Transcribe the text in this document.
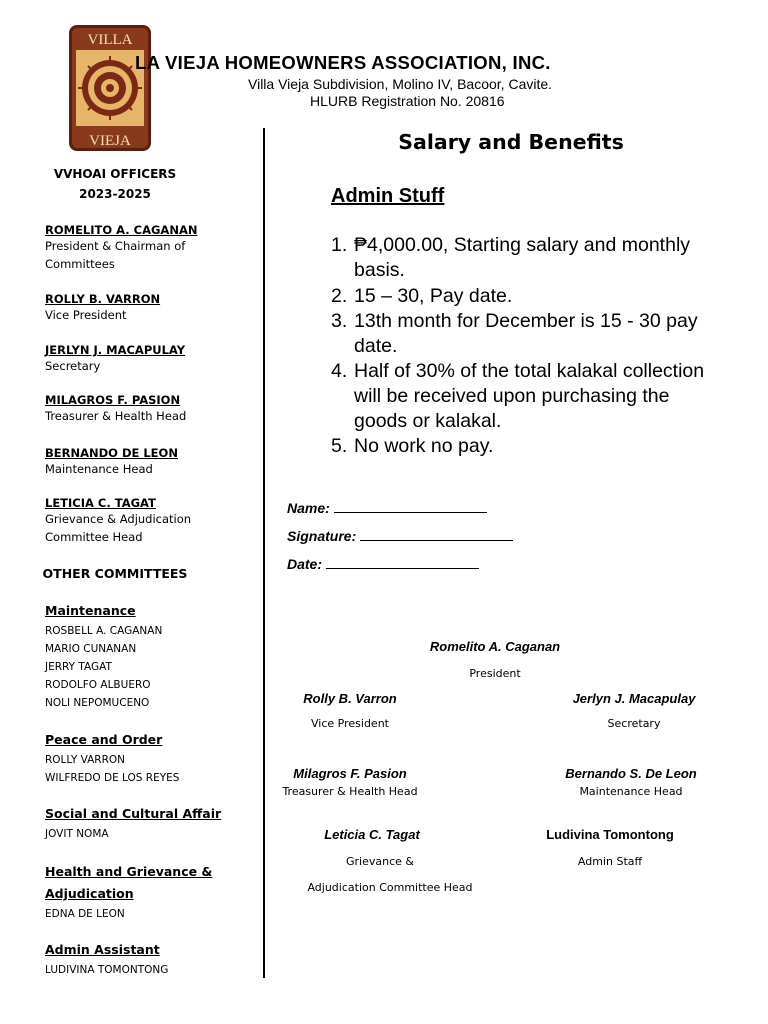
VILLA
VIEJA
LA VIEJA HOMEOWNERS ASSOCIATION, INC.
Villa Vieja Subdivision, Molino IV, Bacoor, Cavite.
HLURB Registration No. 20816
VVHOAI OFFICERS
2023-2025
ROMELITO A. CAGANAN
President & Chairman of
Committees
ROLLY B. VARRON
Vice President
JERLYN J. MACAPULAY
Secretary
MILAGROS F. PASION
Treasurer & Health Head
BERNANDO DE LEON
Maintenance Head
LETICIA C. TAGAT
Grievance & Adjudication
Committee Head
OTHER COMMITTEES
Maintenance
ROSBELL A. CAGANAN
MARIO CUNANAN
JERRY TAGAT
RODOLFO ALBUERO
NOLI NEPOMUCENO
Peace and Order
ROLLY VARRON
WILFREDO DE LOS REYES
Social and Cultural Affair
JOVIT NOMA
Health and Grievance &
Adjudication
EDNA DE LEON
Admin Assistant
LUDIVINA TOMONTONG
Salary and Benefits
Admin Stuff
1. ₱4,000.00, Starting salary and monthly
basis.
2. 15 – 30, Pay date.
3. 13th month for December is 15 - 30 pay
date.
4. Half of 30% of the total kalakal collection
will be received upon purchasing the
goods or kalakal.
5. No work no pay.
Name:
Signature:
Date:
Romelito A. Caganan
President
Rolly B. Varron
Vice President
Jerlyn J. Macapulay
Secretary
Milagros F. Pasion
Treasurer & Health Head
Bernando S. De Leon
Maintenance Head
Leticia C. Tagat
Grievance &
Adjudication Committee Head
Ludivina Tomontong
Admin Staff
